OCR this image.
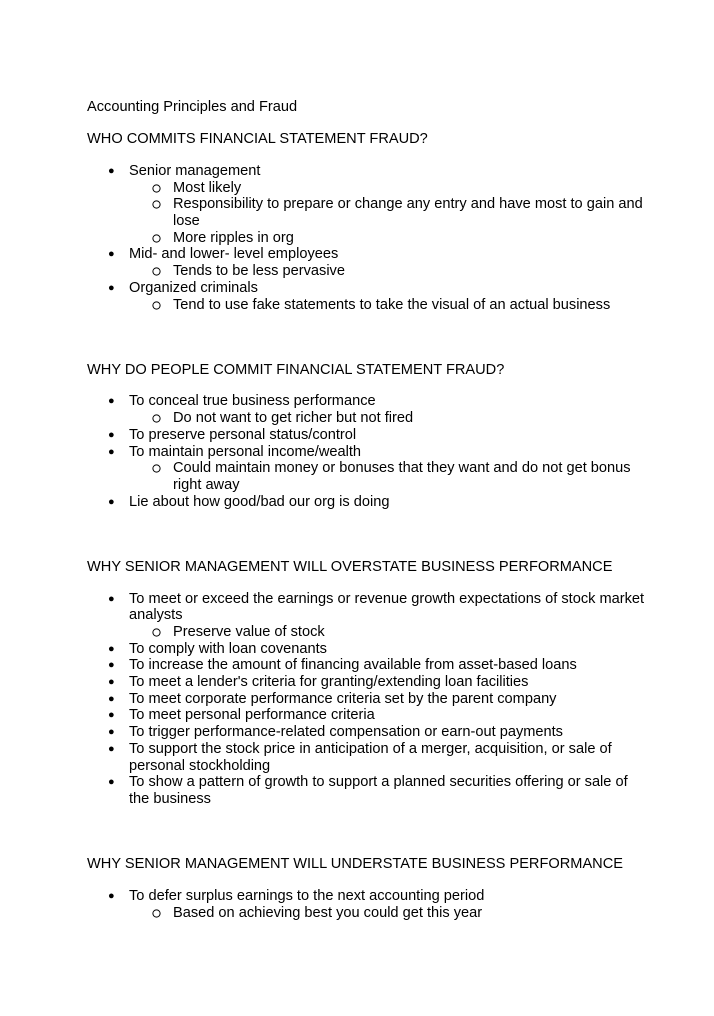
Accounting Principles and Fraud

WHO COMMITS FINANCIAL STATEMENT FRAUD?

● Senior management
Most likely
Responsibility to prepare or change any entry and have most to gain and lose
More ripples in org
● Mid- and lower- level employees
Tends to be less pervasive
● Organized criminals
Tend to use fake statements to take the visual of an actual business

WHY DO PEOPLE COMMIT FINANCIAL STATEMENT FRAUD?

● To conceal true business performance
Do not want to get richer but not fired
● To preserve personal status/control
● To maintain personal income/wealth
Could maintain money or bonuses that they want and do not get bonus right away
● Lie about how good/bad our org is doing

WHY SENIOR MANAGEMENT WILL OVERSTATE BUSINESS PERFORMANCE

● To meet or exceed the earnings or revenue growth expectations of stock market analysts
Preserve value of stock
● To comply with loan covenants
● To increase the amount of financing available from asset-based loans
● To meet a lender's criteria for granting/extending loan facilities
● To meet corporate performance criteria set by the parent company
● To meet personal performance criteria
● To trigger performance-related compensation or earn-out payments
● To support the stock price in anticipation of a merger, acquisition, or sale of personal stockholding
● To show a pattern of growth to support a planned securities offering or sale of the business

WHY SENIOR MANAGEMENT WILL UNDERSTATE BUSINESS PERFORMANCE

● To defer surplus earnings to the next accounting period
Based on achieving best you could get this year
